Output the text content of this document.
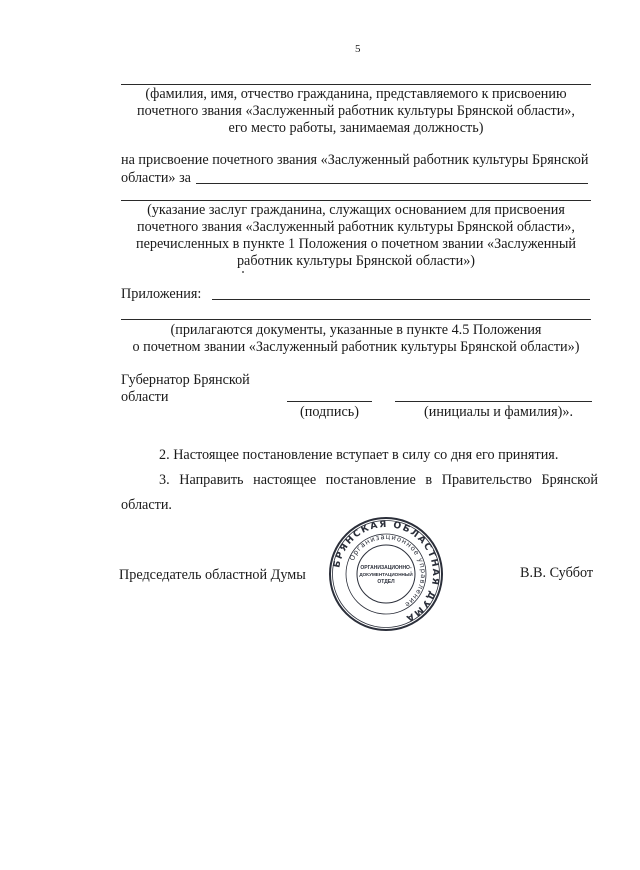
5
(фамилия, имя, отчество гражданина, представляемого к присвоению
почетного звания «Заслуженный работник культуры Брянской области»,
его место работы, занимаемая должность)
на присвоение почетного звания «Заслуженный работник культуры Брянской
области» за
(указание заслуг гражданина, служащих основанием для присвоения
почетного звания «Заслуженный работник культуры Брянской области»,
перечисленных в пункте 1 Положения о почетном звании «Заслуженный
работник культуры Брянской области»)
Приложения:
(прилагаются документы, указанные в пункте 4.5 Положения
о почетном звании «Заслуженный работник культуры Брянской области»)
Губернатор Брянской
области
(подпись)	(инициалы и фамилия)».
2. Настоящее постановление вступает в силу со дня его принятия.
3. Направить настоящее постановление в Правительство Брянской
области.
Председатель областной Думы	В.В. Суббот
БРЯНСКАЯ ОБЛАСТНАЯ ДУМА
Организационное управление
ОРГАНИЗАЦИОННО-
ДОКУМЕНТАЦИОННЫЙ
ОТДЕЛ
